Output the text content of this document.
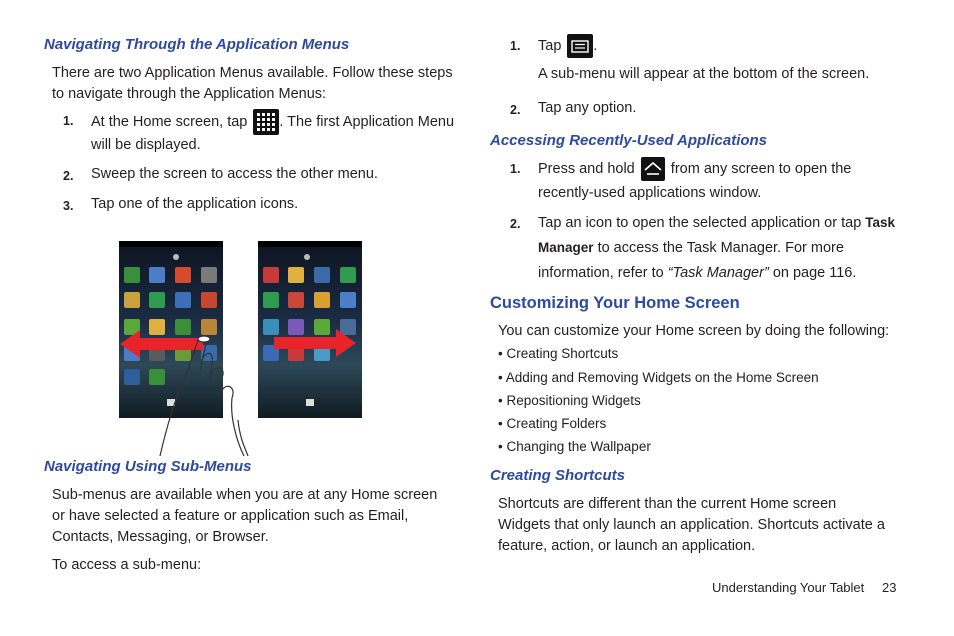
Navigating Through the Application Menus
There are two Application Menus available. Follow these steps to navigate through the Application Menus:
1. At the Home screen, tap . The first Application Menu
will be displayed.
2. Sweep the screen to access the other menu.
3. Tap one of the application icons.
Navigating Using Sub-Menus
Sub-menus are available when you are at any Home screen or have selected a feature or application such as Email, Contacts, Messaging, or Browser.
To access a sub-menu:
1. Tap .
A sub-menu will appear at the bottom of the screen.
2. Tap any option.
Accessing Recently-Used Applications
1. Press and hold from any screen to open the
recently-used applications window.
2. Tap an icon to open the selected application or tap Task
Manager to access the Task Manager. For more
information, refer to “Task Manager” on page 116.
Customizing Your Home Screen
You can customize your Home screen by doing the following:
• Creating Shortcuts
• Adding and Removing Widgets on the Home Screen
• Repositioning Widgets
• Creating Folders
• Changing the Wallpaper
Creating Shortcuts
Shortcuts are different than the current Home screen Widgets that only launch an application. Shortcuts activate a feature, action, or launch an application.
Understanding Your Tablet 23
